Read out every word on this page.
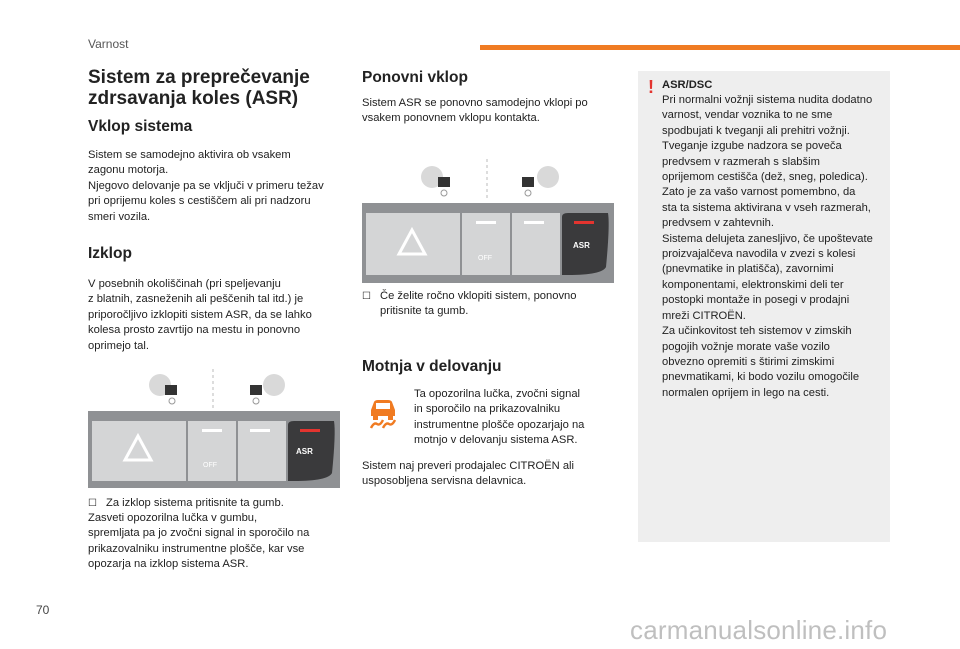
Varnost
Sistem za preprečevanje
zdrsavanja koles (ASR)
Vklop sistema

Sistem se samodejno aktivira ob vsakem
zagonu motorja.
Njegovo delovanje pa se vključi v primeru težav
pri oprijemu koles s cestiščem ali pri nadzoru
smeri vozila.

Izklop

V posebnih okoliščinah (pri speljevanju
z blatnih, zasneženih ali peščenih tal itd.) je
priporočljivo izklopiti sistem ASR, da se lahko
kolesa prosto zavrtijo na mestu in ponovno
oprimejo tal.

ASR
OFF
☐ Za izklop sistema pritisnite ta gumb.

Zasveti opozorilna lučka v gumbu,
spremljata pa jo zvočni signal in sporočilo na
prikazovalniku instrumentne plošče, kar vse
opozarja na izklop sistema ASR.

Ponovni vklop

Sistem ASR se ponovno samodejno vklopi po
vsakem ponovnem vklopu kontakta.

ASR
OFF
☐ Če želite ročno vklopiti sistem, ponovno
pritisnite ta gumb.
Motnja v delovanju

Ta opozorilna lučka, zvočni signal
in sporočilo na prikazovalniku
instrumentne plošče opozarjajo na
motnjo v delovanju sistema ASR.

Sistem naj preveri prodajalec CITROËN ali
usposobljena servisna delavnica.

! ASR/DSC

Pri normalni vožnji sistema nudita dodatno
varnost, vendar voznika to ne sme
spodbujati k tveganji ali prehitri vožnji.
Tveganje izgube nadzora se poveča
predvsem v razmerah s slabšim
oprijemom cestišča (dež, sneg, poledica).
Zato je za vašo varnost pomembno, da
sta ta sistema aktivirana v vseh razmerah,
predvsem v zahtevnih.
Sistema delujeta zanesljivo, če upoštevate
proizvajalčeva navodila v zvezi s kolesi
(pnevmatike in platišča), zavornimi
komponentami, elektronskimi deli ter
postopki montaže in posegi v prodajni
mreži CITROËN.
Za učinkovitost teh sistemov v zimskih
pogojih vožnje morate vaše vozilo
obvezno opremiti s štirimi zimskimi
pnevmatikami, ki bodo vozilu omogočile
normalen oprijem in lego na cesti.

70
carmanualsonline.info
